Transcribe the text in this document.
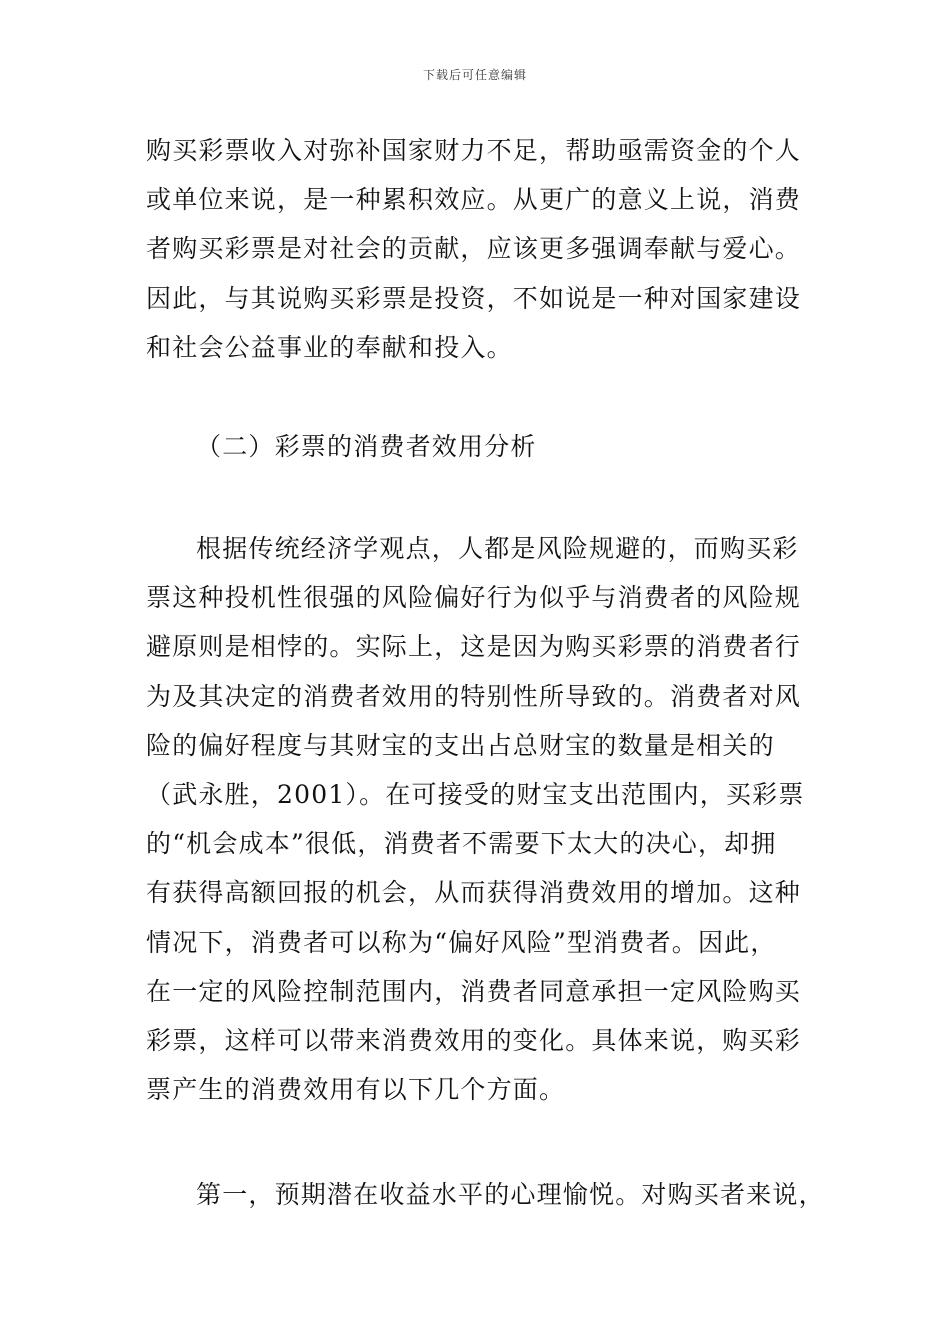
下载后可任意编辑
购买彩票收入对弥补国家财力不足，帮助亟需资金的个人
或单位来说，是一种累积效应。从更广的意义上说，消费
者购买彩票是对社会的贡献，应该更多强调奉献与爱心。
因此，与其说购买彩票是投资，不如说是一种对国家建设
和社会公益事业的奉献和投入。
（二）彩票的消费者效用分析
根据传统经济学观点，人都是风险规避的，而购买彩
票这种投机性很强的风险偏好行为似乎与消费者的风险规
避原则是相悖的。实际上，这是因为购买彩票的消费者行
为及其决定的消费者效用的特别性所导致的。消费者对风
险的偏好程度与其财宝的支出占总财宝的数量是相关的
（武永胜，2001）。在可接受的财宝支出范围内，买彩票
的“机会成本”很低，消费者不需要下太大的决心，却拥
有获得高额回报的机会，从而获得消费效用的增加。这种
情况下，消费者可以称为“偏好风险”型消费者。因此，
在一定的风险控制范围内，消费者同意承担一定风险购买
彩票，这样可以带来消费效用的变化。具体来说，购买彩
票产生的消费效用有以下几个方面。
第一，预期潜在收益水平的心理愉悦。对购买者来说，
